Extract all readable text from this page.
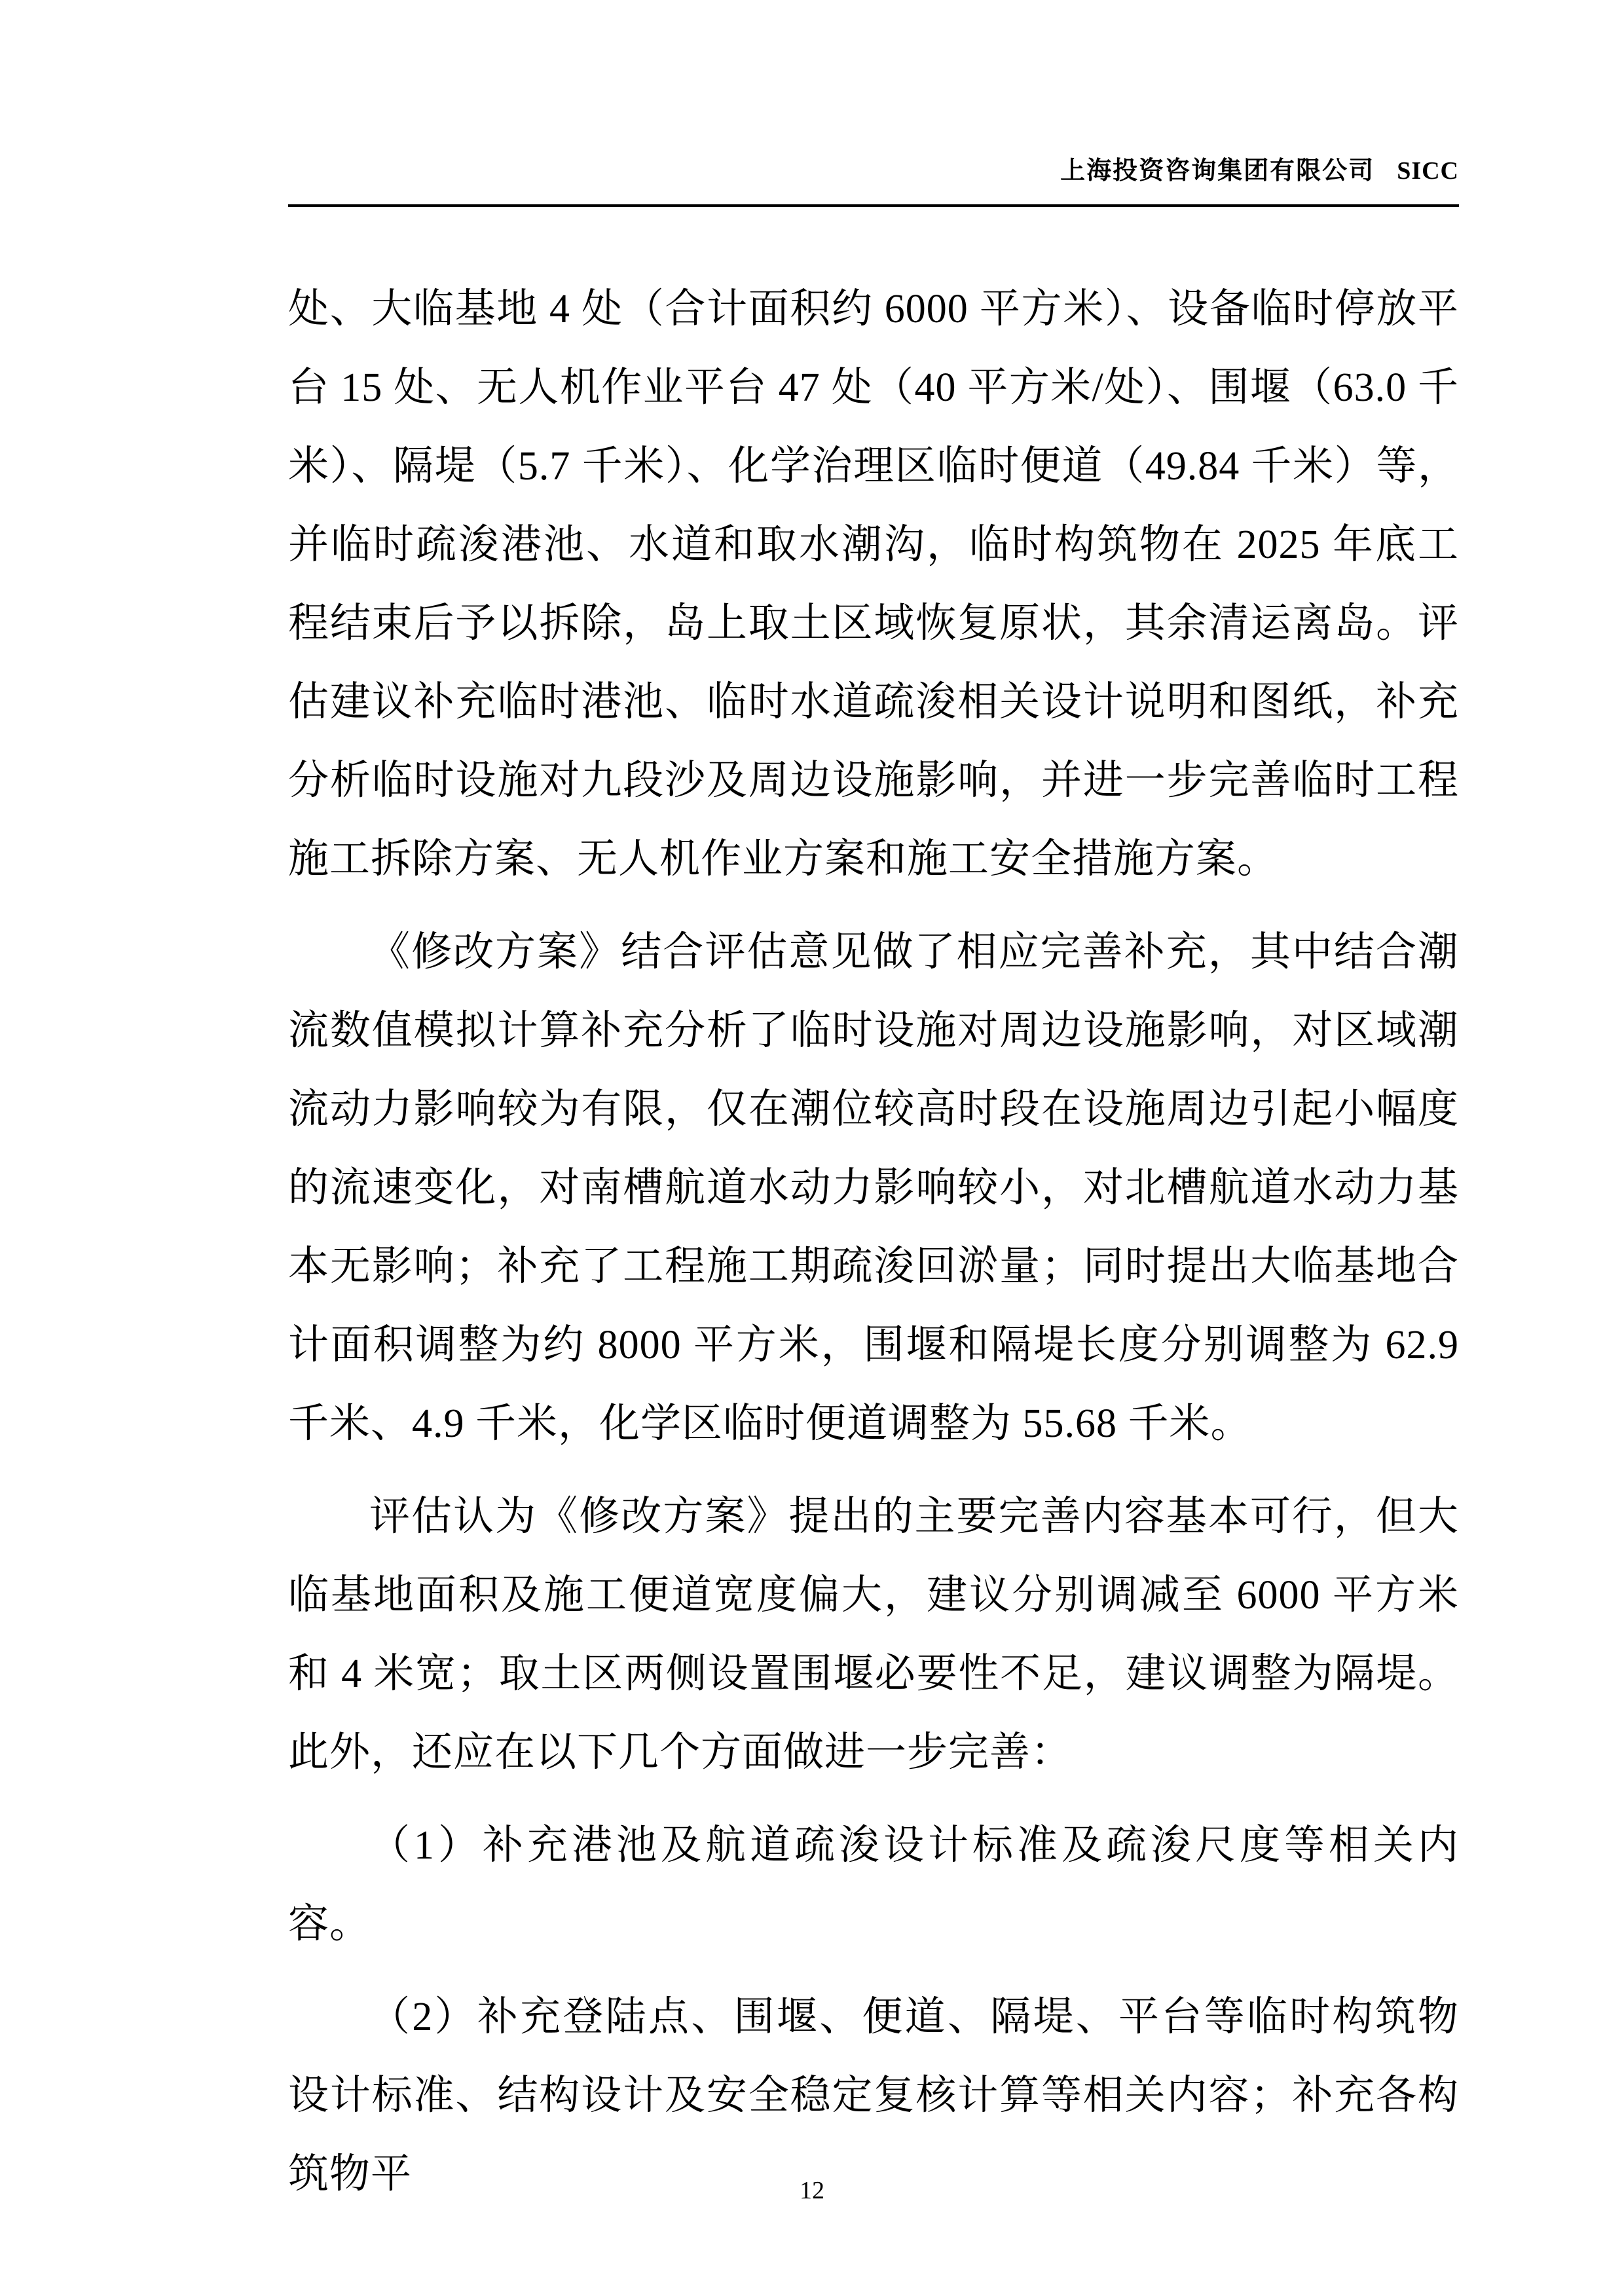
上海投资咨询集团有限公司 SICC

处、大临基地 4 处（合计面积约 6000 平方米）、设备临时停放平台 15 处、无人机作业平台 47 处（40 平方米/处）、围堰（63.0 千米）、隔堤（5.7 千米）、化学治理区临时便道（49.84 千米）等，并临时疏浚港池、水道和取水潮沟，临时构筑物在 2025 年底工程结束后予以拆除，岛上取土区域恢复原状，其余清运离岛。评估建议补充临时港池、临时水道疏浚相关设计说明和图纸，补充分析临时设施对九段沙及周边设施影响，并进一步完善临时工程施工拆除方案、无人机作业方案和施工安全措施方案。

《修改方案》结合评估意见做了相应完善补充，其中结合潮流数值模拟计算补充分析了临时设施对周边设施影响，对区域潮流动力影响较为有限，仅在潮位较高时段在设施周边引起小幅度的流速变化，对南槽航道水动力影响较小，对北槽航道水动力基本无影响；补充了工程施工期疏浚回淤量；同时提出大临基地合计面积调整为约 8000 平方米，围堰和隔堤长度分别调整为 62.9 千米、4.9 千米，化学区临时便道调整为 55.68 千米。

评估认为《修改方案》提出的主要完善内容基本可行，但大临基地面积及施工便道宽度偏大，建议分别调减至 6000 平方米和 4 米宽；取土区两侧设置围堰必要性不足，建议调整为隔堤。此外，还应在以下几个方面做进一步完善：

（1）补充港池及航道疏浚设计标准及疏浚尺度等相关内容。

（2）补充登陆点、围堰、便道、隔堤、平台等临时构筑物设计标准、结构设计及安全稳定复核计算等相关内容；补充各构筑物平	12
